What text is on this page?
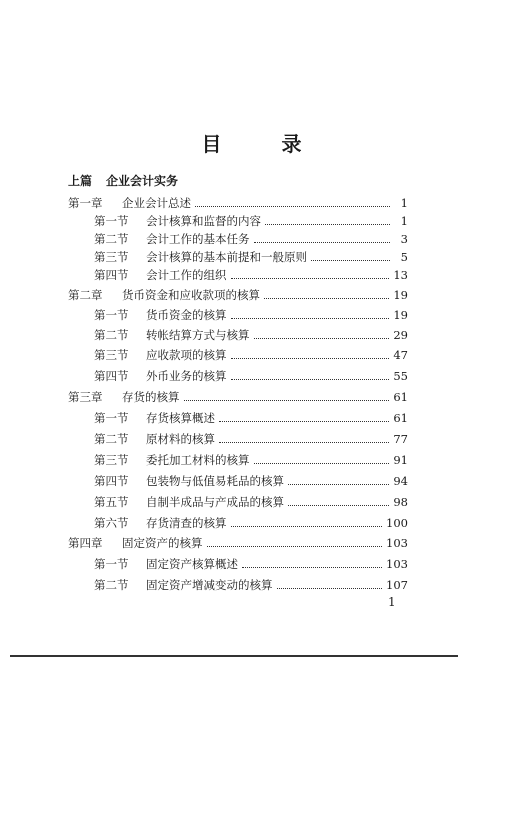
目	录
上篇 企业会计实务
第一章	企业会计总述	1
第一节	会计核算和监督的内容	1
第二节	会计工作的基本任务	3
第三节	会计核算的基本前提和一般原则	5
第四节	会计工作的组织	13
第二章	货币资金和应收款项的核算	19
第一节	货币资金的核算	19
第二节	转帐结算方式与核算	29
第三节	应收款项的核算	47
第四节	外币业务的核算	55
第三章	存货的核算	61
第一节	存货核算概述	61
第二节	原材料的核算	77
第三节	委托加工材料的核算	91
第四节	包装物与低值易耗品的核算	94
第五节	自制半成品与产成品的核算	98
第六节	存货清查的核算	100
第四章	固定资产的核算	103
第一节	固定资产核算概述	103
第二节	固定资产增减变动的核算	107
1
